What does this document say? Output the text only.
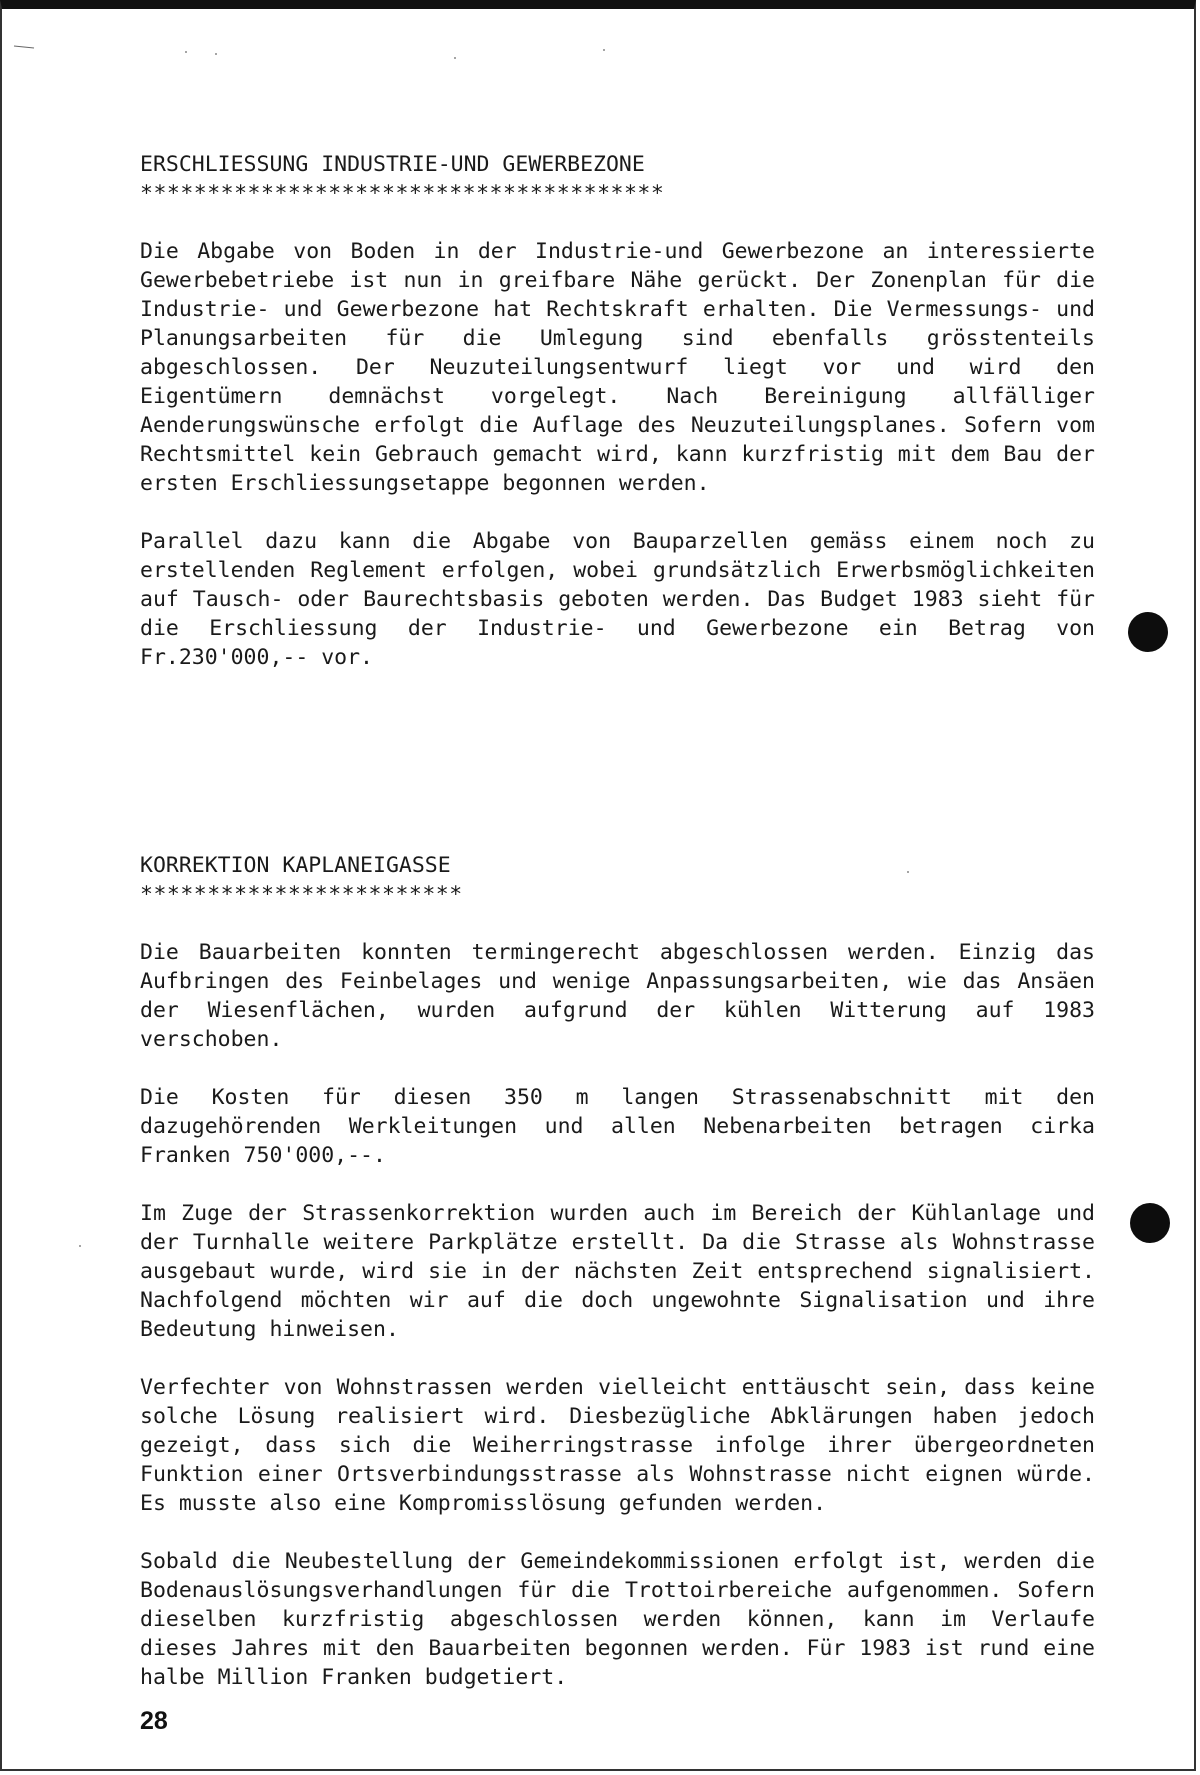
ERSCHLIESSUNG INDUSTRIE-UND GEWERBEZONE

***************************************

Die Abgabe von Boden in der Industrie-und Gewerbezone an interessierte Gewerbebetriebe ist nun in greifbare Nähe gerückt. Der Zonenplan für die Industrie- und Gewerbezone hat Rechtskraft erhalten. Die Vermessungs- und Planungsarbeiten für die Umlegung sind ebenfalls grösstenteils abgeschlossen. Der Neuzuteilungsentwurf liegt vor und wird den Eigentümern demnächst vorgelegt. Nach Bereinigung allfälliger Aenderungswünsche erfolgt die Auflage des Neuzuteilungsplanes. Sofern vom Rechtsmittel kein Gebrauch gemacht wird, kann kurzfristig mit dem Bau der ersten Erschliessungsetappe begonnen werden.

Parallel dazu kann die Abgabe von Bauparzellen gemäss einem noch zu erstellenden Reglement erfolgen, wobei grundsätzlich Erwerbsmöglichkeiten auf Tausch- oder Baurechtsbasis geboten werden. Das Budget 1983 sieht für die Erschliessung der Industrie- und Gewerbezone ein Betrag von Fr.230'000,-- vor.

KORREKTION KAPLANEIGASSE

************************

Die Bauarbeiten konnten termingerecht abgeschlossen werden. Einzig das Aufbringen des Feinbelages und wenige Anpassungsarbeiten, wie das Ansäen der Wiesenflächen, wurden aufgrund der kühlen Witterung auf 1983 verschoben.

Die Kosten für diesen 350 m langen Strassenabschnitt mit den dazugehörenden Werkleitungen und allen Nebenarbeiten betragen cirka Franken 750'000,--.

Im Zuge der Strassenkorrektion wurden auch im Bereich der Kühlanlage und der Turnhalle weitere Parkplätze erstellt. Da die Strasse als Wohnstrasse ausgebaut wurde, wird sie in der nächsten Zeit entsprechend signalisiert. Nachfolgend möchten wir auf die doch ungewohnte Signalisation und ihre Bedeutung hinweisen.

Verfechter von Wohnstrassen werden vielleicht enttäuscht sein, dass keine solche Lösung realisiert wird. Diesbezügliche Abklärungen haben jedoch gezeigt, dass sich die Weiherringstrasse infolge ihrer übergeordneten Funktion einer Ortsverbindungsstrasse als Wohnstrasse nicht eignen würde. Es musste also eine Kompromisslösung gefunden werden.

Sobald die Neubestellung der Gemeindekommissionen erfolgt ist, werden die Bodenauslösungsverhandlungen für die Trottoirbereiche aufgenommen. Sofern dieselben kurzfristig abgeschlossen werden können, kann im Verlaufe dieses Jahres mit den Bauarbeiten begonnen werden. Für 1983 ist rund eine halbe Million Franken budgetiert.

28
